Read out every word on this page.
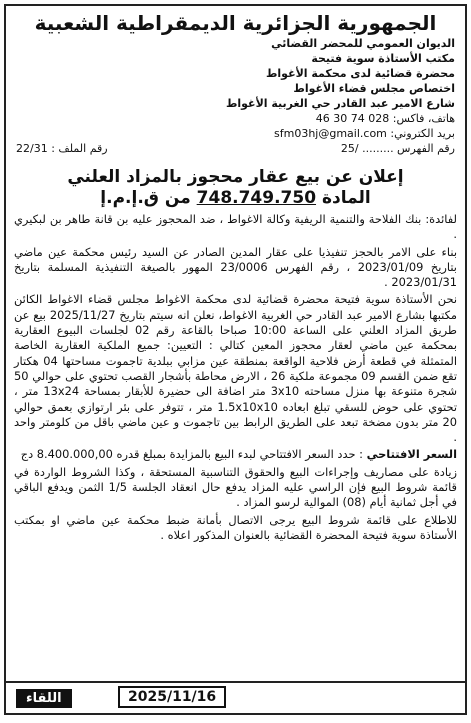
الجمهورية الجزائرية الديمقراطية الشعبية
الديوان العمومي للمحضر القضائي
مكتب الأستاذة سوية فتيحة
محضرة قضائية لدى محكمة الأغواط
اختصاص مجلس قضاء الأغواط
شارع الامير عبد القادر حي الغربية الأغواط
هاتف، فاكس: 028 74 30 46
بريد الكتروني: sfm03hj@gmail.com
رقم الفهرس ......... /25
رقم الملف : 22/31
إعلان عن بيع عقار محجوز بالمزاد العلني
المادة 748.749.750 من ق.إ.م.إ

لفائدة: بنك الفلاحة والتنمية الريفية وكالة الاغواط ، ضد المحجوز عليه بن قانة طاهر بن لبكيري .

بناء على الامر بالحجز تنفيذيا على عقار المدين الصادر عن السيد رئيس محكمة عين ماضي بتاريخ 2023/01/09 ، رقم الفهرس 23/0006 المهور بالصيغة التنفيذية المسلمة بتاريخ 2023/01/31 .

نحن الأستاذة سوية فتيحة محضرة قضائية لدى محكمة الاغواط مجلس قضاء الاغواط الكائن مكتبها بشارع الامير عبد القادر حي الغربية الاغواط، نعلن انه سيتم بتاريخ 2025/11/27 بيع عن طريق المزاد العلني على الساعة 10:00 صباحا بالقاعة رقم 02 لجلسات البيوع العقارية بمحكمة عين ماضي لعقار محجوز المعين كتالي : التعيين: جميع الملكية العقارية الخاصة المتمثلة في قطعة أرض فلاحية الواقعة بمنطقة عين مزابي ببلدية تاجموت مساحتها 04 هكتار تقع ضمن القسم 09 مجموعة ملكية 26 ، الارض محاطة بأشجار القصب تحتوي على حوالي 50 شجرة متنوعة بها منزل مساحته 3x10 متر اضافة الى حضيرة للأبقار بمساحة 13x24 متر ، تحتوي على حوض للسقي تبلغ ابعاده 1.5x10x10 متر ، تتوفر على بئر ارتوازي بعمق حوالي 20 متر بدون مضخة تبعد على الطريق الرابط بين تاجموت و عين ماضي باقل من كلومتر واحد .

السعر الافتتاحي : حدد السعر الافتتاحي لبدء البيع بالمزايدة بمبلغ قدره 8.400.000,00 دج

زيادة على مصاريف وإجراءات البيع والحقوق التناسبية المستحقة ، وكذا الشروط الواردة في قائمة شروط البيع فإن الراسي عليه المزاد يدفع حال انعقاد الجلسة 1/5 الثمن ويدفع الباقي في أجل ثمانية أيام (08) الموالية لرسو المزاد .

للاطلاع على قائمة شروط البيع يرجى الاتصال بأمانة ضبط محكمة عين ماضي او بمكتب الأستاذة سوية فتيحة المحضرة القضائية بالعنوان المذكور اعلاه .

2025/11/16
اللقاء
